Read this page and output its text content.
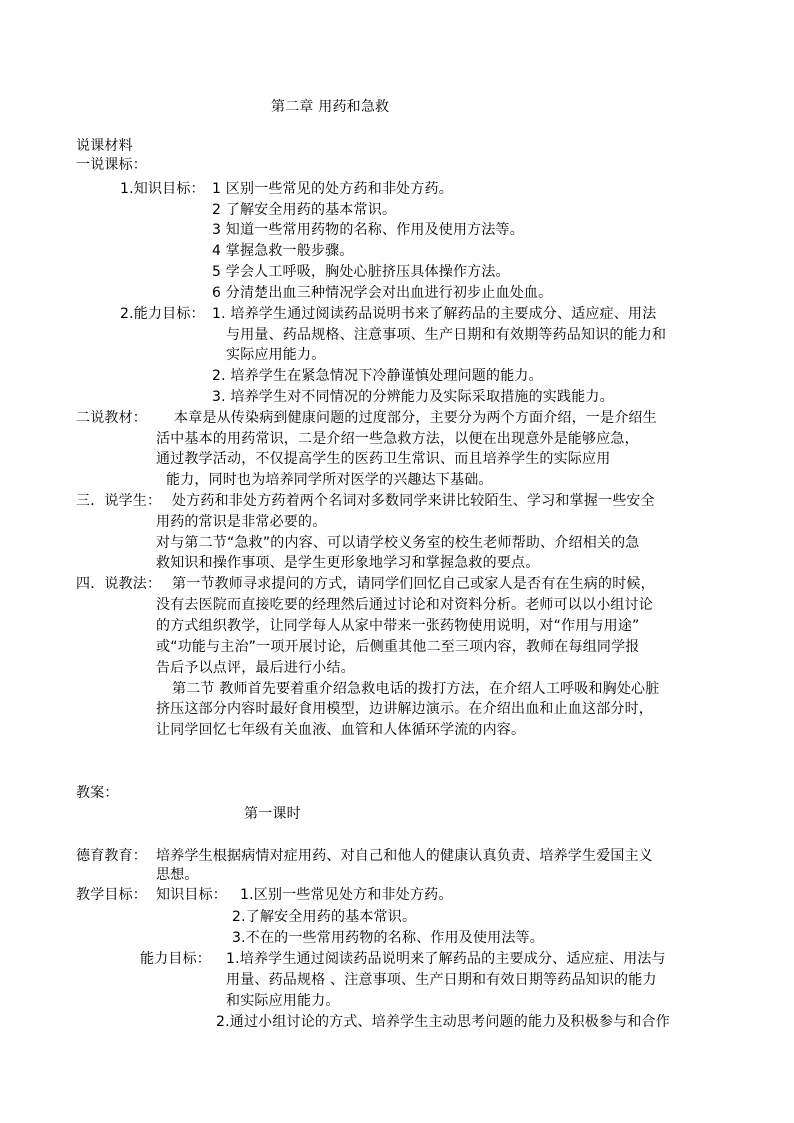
第二章 用药和急救
说课材料
一说课标：
1.知识目标： 1 区别一些常见的处方药和非处方药。
2 了解安全用药的基本常识。
3 知道一些常用药物的名称、作用及使用方法等。
4 掌握急救一般步骤。
5 学会人工呼吸，胸处心脏挤压具体操作方法。
6 分清楚出血三种情况学会对出血进行初步止血处血。
2.能力目标： 1. 培养学生通过阅读药品说明书来了解药品的主要成分、适应症、用法
与用量、药品规格、注意事项、生产日期和有效期等药品知识的能力和
实际应用能力。
2. 培养学生在紧急情况下冷静谨慎处理问题的能力。
3. 培养学生对不同情况的分辨能力及实际采取措施的实践能力。
二说教材： 本章是从传染病到健康问题的过度部分，主要分为两个方面介绍，一是介绍生
活中基本的用药常识，二是介绍一些急救方法，以便在出现意外是能够应急，
通过教学活动，不仅提高学生的医药卫生常识、而且培养学生的实际应用
能力，同时也为培养同学所对医学的兴趣达下基础。
三．说学生： 处方药和非处方药着两个名词对多数同学来讲比较陌生、学习和掌握一些安全
用药的常识是非常必要的。
对与第二节“急救”的内容、可以请学校义务室的校生老师帮助、介绍相关的急
救知识和操作事项、是学生更形象地学习和掌握急救的要点。
四．说教法： 第一节教师寻求提问的方式，请同学们回忆自己或家人是否有在生病的时候，
没有去医院而直接吃要的经理然后通过讨论和对资料分析。老师可以以小组讨论
的方式组织教学，让同学每人从家中带来一张药物使用说明，对“作用与用途”
或“功能与主治”一项开展讨论，后侧重其他二至三项内容，教师在每组同学报
告后予以点评，最后进行小结。
第二节 教师首先要着重介绍急救电话的拨打方法，在介绍人工呼吸和胸处心脏
挤压这部分内容时最好食用模型，边讲解边演示。在介绍出血和止血这部分时，
让同学回忆七年级有关血液、血管和人体循环学流的内容。
教案：
第一课时
德育教育： 培养学生根据病情对症用药、对自己和他人的健康认真负责、培养学生爱国主义
思想。
教学目标： 知识目标： 1.区别一些常见处方和非处方药。
2.了解安全用药的基本常识。
3.不在的一些常用药物的名称、作用及使用法等。
能力目标： 1.培养学生通过阅读药品说明来了解药品的主要成分、适应症、用法与
用量、药品规格 、注意事项、生产日期和有效日期等药品知识的能力
和实际应用能力。
2.通过小组讨论的方式、培养学生主动思考问题的能力及积极参与和合作
